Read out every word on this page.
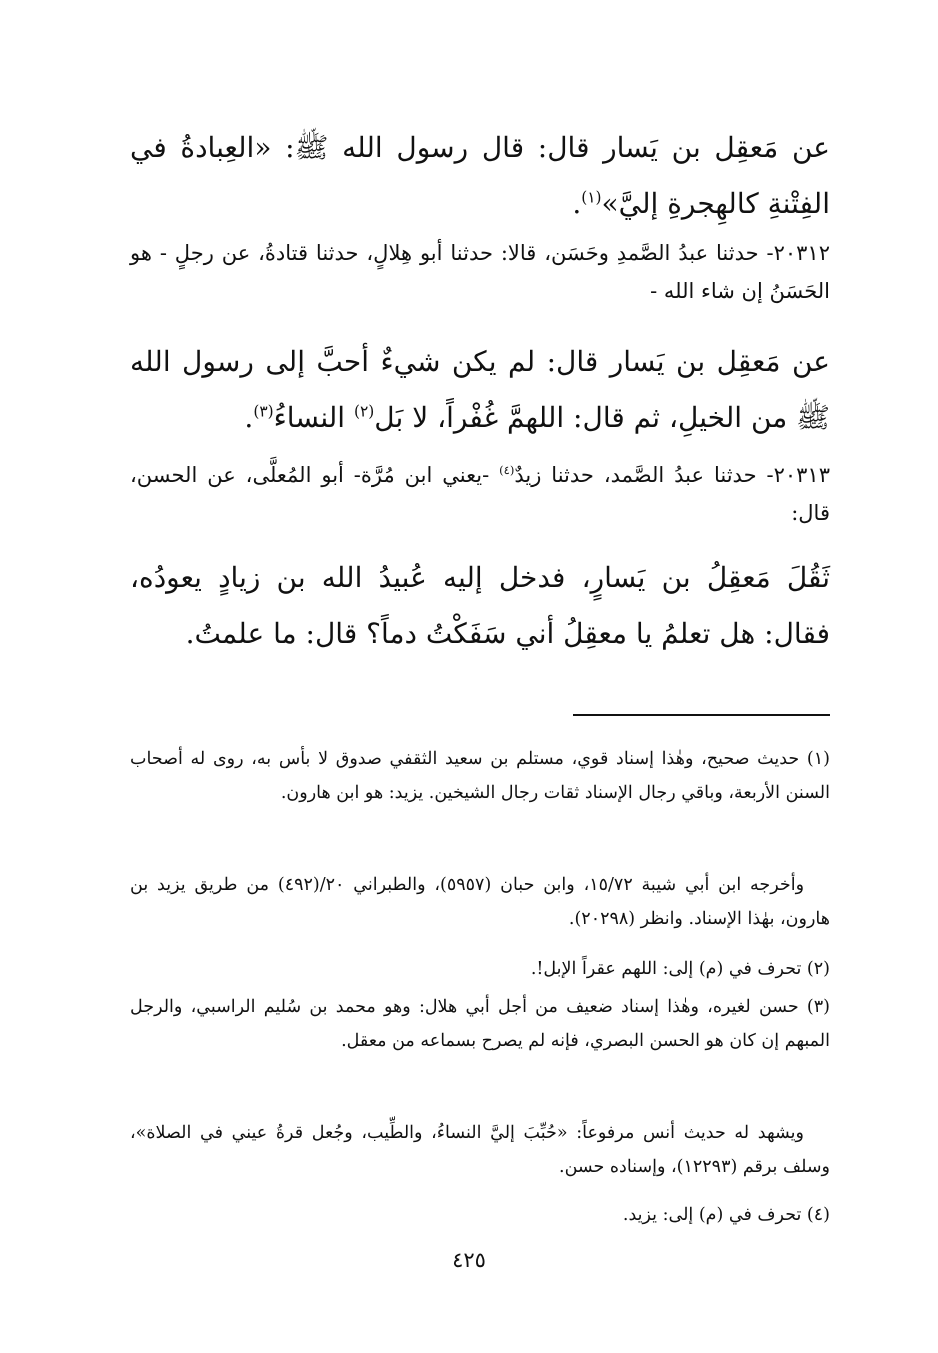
عن مَعقِل بن يَسار قال: قال رسول الله ﷺ: «العِبادةُ في الفِتْنةِ كالهِجرةِ إليَّ»$^{(١)}$.

٢٠٣١٢- حدثنا عبدُ الصَّمدِ وحَسَن، قالا: حدثنا أبو هِلالٍ، حدثنا قتادةُ، عن رجلٍ - هو الحَسَنُ إن شاء الله -

عن مَعقِل بن يَسار قال: لم يكن شيءٌ أحبَّ إلى رسول الله ﷺ من الخيلِ، ثم قال: اللهمَّ غُفْراً، لا بَل$^{(٢)}$ النساءُ$^{(٣)}$.

٢٠٣١٣- حدثنا عبدُ الصَّمد، حدثنا زيدٌ$^{(٤)}$ -يعني ابن مُرَّة- أبو المُعلَّى، عن الحسن، قال:

ثَقُلَ مَعقِلُ بن يَسارٍ، فدخل إليه عُبيدُ الله بن زيادٍ يعودُه، فقال: هل تعلمُ يا معقِلُ أني سَفَكْتُ دماً؟ قال: ما علمتُ.

(١) حديث صحيح، وهٰذا إسناد قوي، مستلم بن سعيد الثقفي صدوق لا بأس به، روى له أصحاب السنن الأربعة، وباقي رجال الإسناد ثقات رجال الشيخين. يزيد: هو ابن هارون.

وأخرجه ابن أبي شيبة ١٥/٧٢، وابن حبان (٥٩٥٧)، والطبراني ٢٠/(٤٩٢) من طريق يزيد بن هارون، بهٰذا الإسناد. وانظر (٢٠٢٩٨).

(٢) تحرف في (م) إلى: اللهم عقراً الإبل!.

(٣) حسن لغيره، وهٰذا إسناد ضعيف من أجل أبي هلال: وهو محمد بن سُليم الراسبي، والرجل المبهم إن كان هو الحسن البصري، فإنه لم يصرح بسماعه من معقل.

ويشهد له حديث أنس مرفوعاً: «حُبِّبَ إليَّ النساءُ، والطِّيب، وجُعل قرةُ عيني في الصلاة»، وسلف برقم (١٢٢٩٣)، وإسناده حسن.

(٤) تحرف في (م) إلى: يزيد.

٤٢٥
